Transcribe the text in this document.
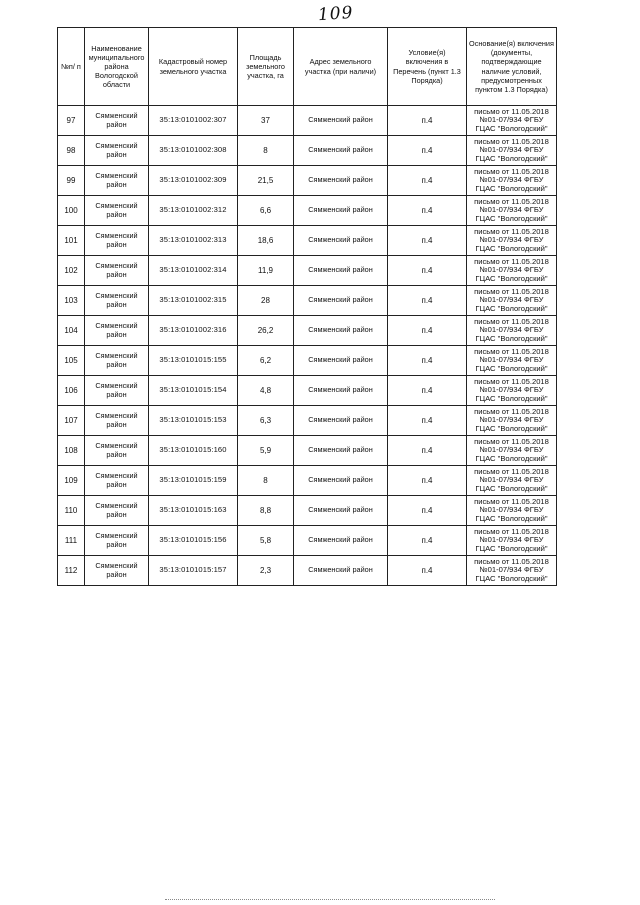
109
№п/ п	Наименование муниципального района Вологодской области	Кадастровый номер земельного участка	Площадь земельного участка, га	Адрес земельного участка (при наличи)	Условие(я) включения в Перечень (пункт 1.3 Порядка)	Основание(я) включения (документы, подтверждающие наличие условий, предусмотренных пунктом 1.3 Порядка)
97	Сямженский район	35:13:0101002:307	37	Сямженский район	п.4	письмо от 11.05.2018
№01-07/934 ФГБУ
ГЦАС "Вологодский"
98	Сямженский район	35:13:0101002:308	8	Сямженский район	п.4	письмо от 11.05.2018
№01-07/934 ФГБУ
ГЦАС "Вологодский"
99	Сямженский район	35:13:0101002:309	21,5	Сямженский район	п.4	письмо от 11.05.2018
№01-07/934 ФГБУ
ГЦАС "Вологодский"
100	Сямженский район	35:13:0101002:312	6,6	Сямженский район	п.4	письмо от 11.05.2018
№01-07/934 ФГБУ
ГЦАС "Вологодский"
101	Сямженский район	35:13:0101002:313	18,6	Сямженский район	п.4	письмо от 11.05.2018
№01-07/934 ФГБУ
ГЦАС "Вологодский"
102	Сямженский район	35:13:0101002:314	11,9	Сямженский район	п.4	письмо от 11.05.2018
№01-07/934 ФГБУ
ГЦАС "Вологодский"
103	Сямженский район	35:13:0101002:315	28	Сямженский район	п.4	письмо от 11.05.2018
№01-07/934 ФГБУ
ГЦАС "Вологодский"
104	Сямженский район	35:13:0101002:316	26,2	Сямженский район	п.4	письмо от 11.05.2018
№01-07/934 ФГБУ
ГЦАС "Вологодский"
105	Сямженский район	35:13:0101015:155	6,2	Сямженский район	п.4	письмо от 11.05.2018
№01-07/934 ФГБУ
ГЦАС "Вологодский"
106	Сямженский район	35:13:0101015:154	4,8	Сямженский район	п.4	письмо от 11.05.2018
№01-07/934 ФГБУ
ГЦАС "Вологодский"
107	Сямженский район	35:13:0101015:153	6,3	Сямженский район	п.4	письмо от 11.05.2018
№01-07/934 ФГБУ
ГЦАС "Вологодский"
108	Сямженский район	35:13:0101015:160	5,9	Сямженский район	п.4	письмо от 11.05.2018
№01-07/934 ФГБУ
ГЦАС "Вологодский"
109	Сямженский район	35:13:0101015:159	8	Сямженский район	п.4	письмо от 11.05.2018
№01-07/934 ФГБУ
ГЦАС "Вологодский"
110	Сямженский район	35:13:0101015:163	8,8	Сямженский район	п.4	письмо от 11.05.2018
№01-07/934 ФГБУ
ГЦАС "Вологодский"
111	Сямженский район	35:13:0101015:156	5,8	Сямженский район	п.4	письмо от 11.05.2018
№01-07/934 ФГБУ
ГЦАС "Вологодский"
112	Сямженский район	35:13:0101015:157	2,3	Сямженский район	п.4	письмо от 11.05.2018
№01-07/934 ФГБУ
ГЦАС "Вологодский"
